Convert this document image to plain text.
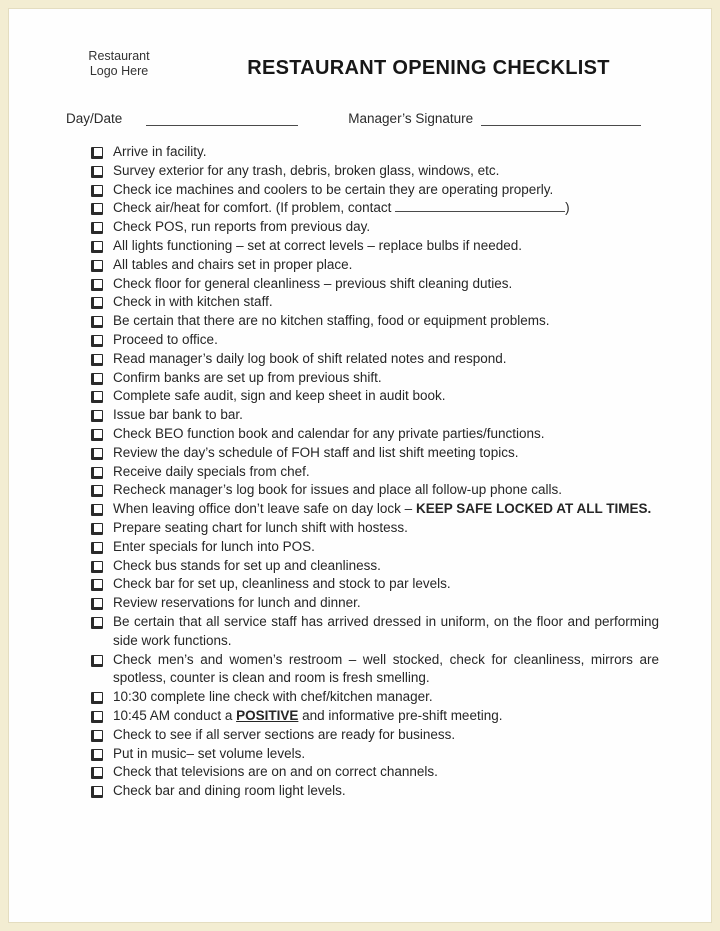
Restaurant
Logo Here	RESTAURANT OPENING CHECKLIST
Day/Date	Manager’s Signature
Arrive in facility.
Survey exterior for any trash, debris, broken glass, windows, etc.
Check ice machines and coolers to be certain they are operating properly.
Check air/heat for comfort. (If problem, contact	)
Check POS, run reports from previous day.
All lights functioning – set at correct levels – replace bulbs if needed.
All tables and chairs set in proper place.
Check floor for general cleanliness – previous shift cleaning duties.
Check in with kitchen staff.
Be certain that there are no kitchen staffing, food or equipment problems.
Proceed to office.
Read manager’s daily log book of shift related notes and respond.
Confirm banks are set up from previous shift.
Complete safe audit, sign and keep sheet in audit book.
Issue bar bank to bar.
Check BEO function book and calendar for any private parties/functions.
Review the day’s schedule of FOH staff and list shift meeting topics.
Receive daily specials from chef.
Recheck manager’s log book for issues and place all follow-up phone calls.
When leaving office don’t leave safe on day lock – KEEP SAFE LOCKED AT ALL TIMES.
Prepare seating chart for lunch shift with hostess.
Enter specials for lunch into POS.
Check bus stands for set up and cleanliness.
Check bar for set up, cleanliness and stock to par levels.
Review reservations for lunch and dinner.
Be certain that all service staff has arrived dressed in uniform, on the floor and performing side work functions.
Check men’s and women’s restroom – well stocked, check for cleanliness, mirrors are spotless, counter is clean and room is fresh smelling.
10:30 complete line check with chef/kitchen manager.
10:45 AM conduct a POSITIVE and informative pre-shift meeting.
Check to see if all server sections are ready for business.
Put in music– set volume levels.
Check that televisions are on and on correct channels.
Check bar and dining room light levels.
